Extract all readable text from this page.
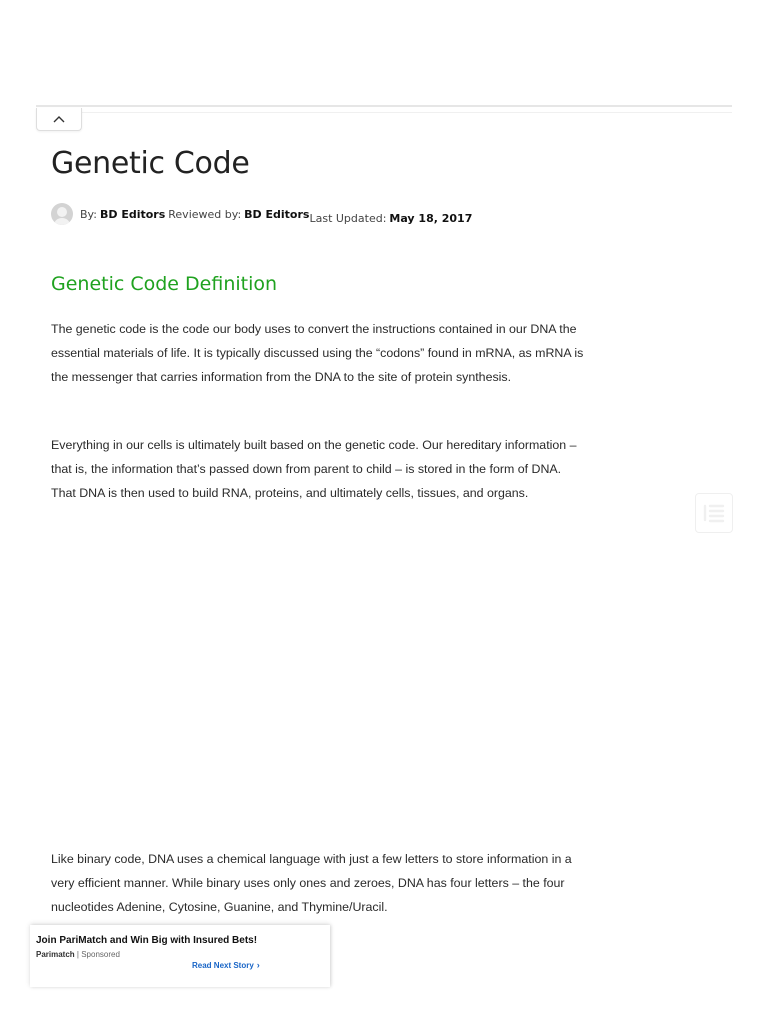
Genetic Code
By: BD Editors Reviewed by: BD Editors Last Updated: May 18, 2017
Genetic Code Definition

The genetic code is the code our body uses to convert the instructions contained in our DNA the essential materials of life. It is typically discussed using the “codons” found in mRNA, as mRNA is the messenger that carries information from the DNA to the site of protein synthesis.

Everything in our cells is ultimately built based on the genetic code. Our hereditary information – that is, the information that’s passed down from parent to child – is stored in the form of DNA. That DNA is then used to build RNA, proteins, and ultimately cells, tissues, and organs.

Like binary code, DNA uses a chemical language with just a few letters to store information in a very efficient manner. While binary uses only ones and zeroes, DNA has four letters – the four nucleotides Adenine, Cytosine, Guanine, and Thymine/Uracil.

Join PariMatch and Win Big with Insured Bets!
Parimatch | Sponsored
Read Next Story ›
